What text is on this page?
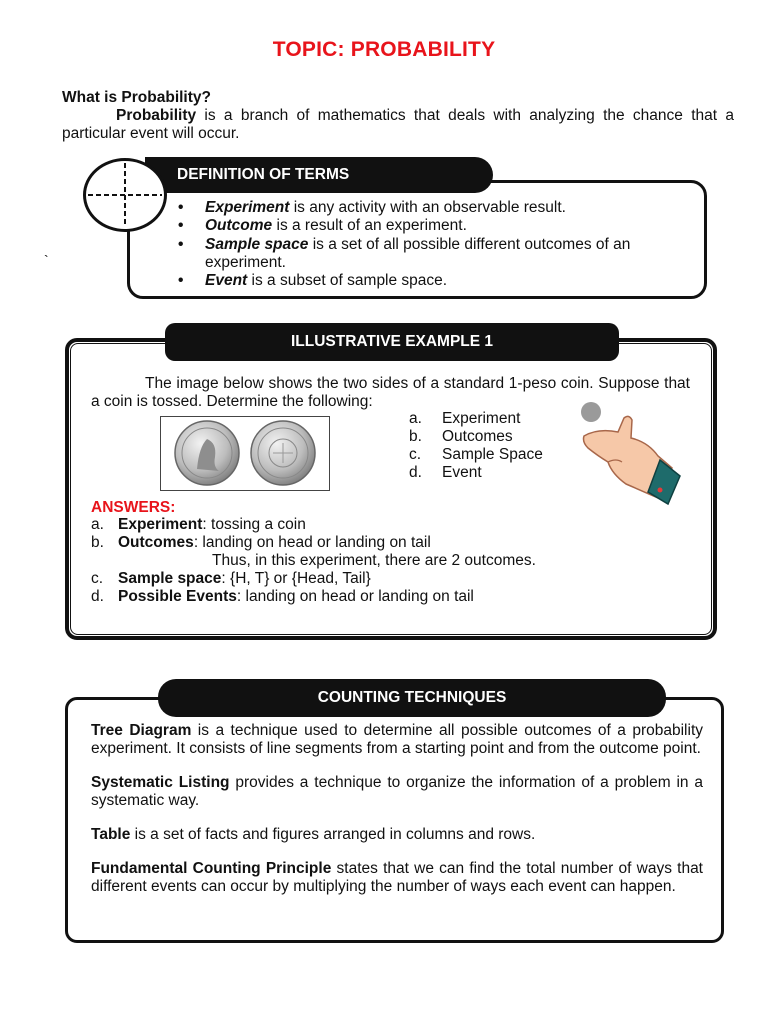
TOPIC: PROBABILITY
What is Probability?
Probability is a branch of mathematics that deals with analyzing the chance that a particular event will occur.
DEFINITION OF TERMS
`
• Experiment is any activity with an observable result.
• Outcome is a result of an experiment.
• Sample space is a set of all possible different outcomes of an experiment.
• Event is a subset of sample space.
ILLUSTRATIVE EXAMPLE 1
The image below shows the two sides of a standard 1-peso coin. Suppose that a coin is tossed. Determine the following:
a. Experiment
b. Outcomes
c. Sample Space
d. Event
ANSWERS:
a. Experiment: tossing a coin
b. Outcomes: landing on head or landing on tail
Thus, in this experiment, there are 2 outcomes.
c. Sample space: {H, T} or {Head, Tail}
d. Possible Events: landing on head or landing on tail
COUNTING TECHNIQUES

Tree Diagram is a technique used to determine all possible outcomes of a probability experiment. It consists of line segments from a starting point and from the outcome point.

Systematic Listing provides a technique to organize the information of a problem in a systematic way.

Table is a set of facts and figures arranged in columns and rows.

Fundamental Counting Principle states that we can find the total number of ways that different events can occur by multiplying the number of ways each event can happen.
